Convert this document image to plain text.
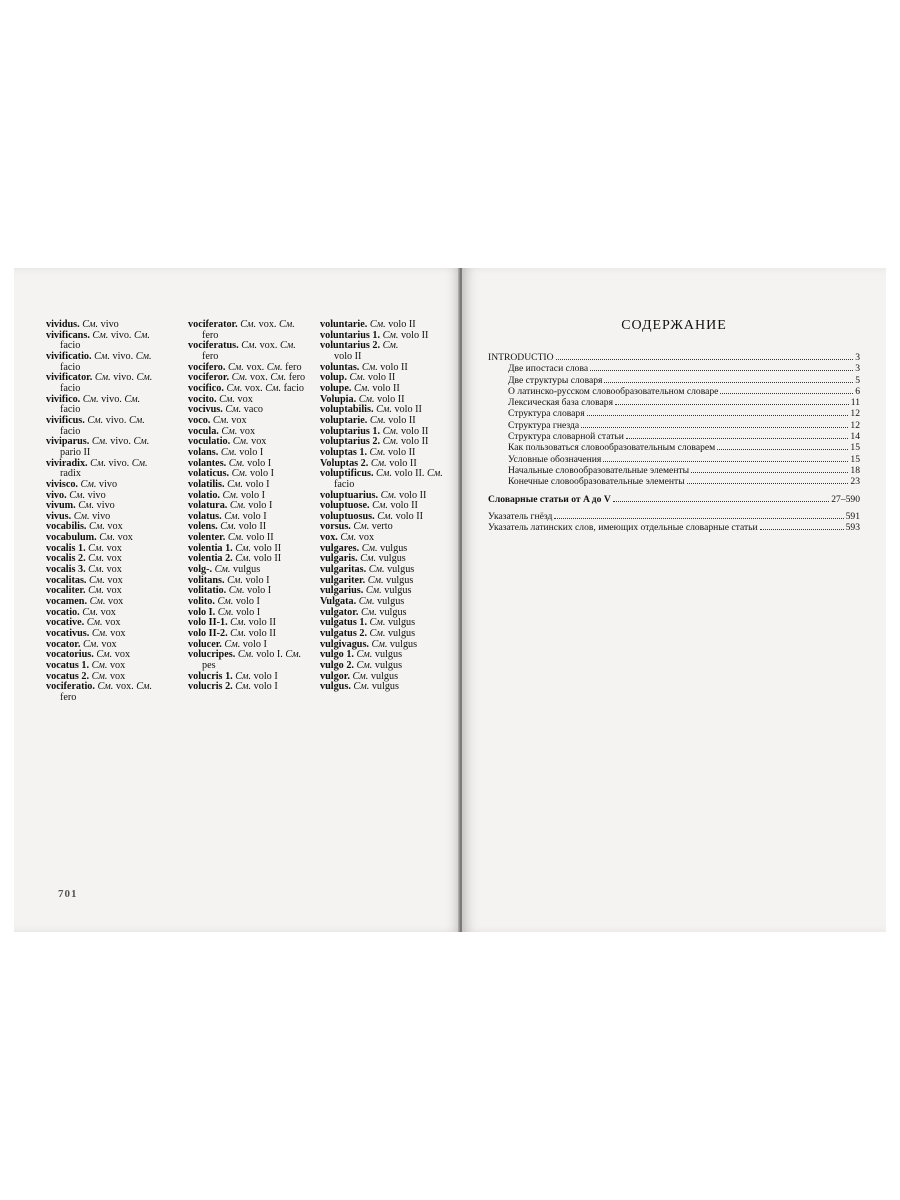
vividus. См. vivo
vivificans. См. vivo. См.
facio
vivificatio. См. vivo. См.
facio
vivificator. См. vivo. См.
facio
vivifico. См. vivo. См.
facio
vivificus. См. vivo. См.
facio
viviparus. См. vivo. См.
pario II
viviradix. См. vivo. См.
radix
vivisco. См. vivo
vivo. См. vivo
vivum. См. vivo
vivus. См. vivo
vocabilis. См. vox
vocabulum. См. vox
vocalis 1. См. vox
vocalis 2. См. vox
vocalis 3. См. vox
vocalitas. См. vox
vocaliter. См. vox
vocamen. См. vox
vocatio. См. vox
vocative. См. vox
vocativus. См. vox
vocator. См. vox
vocatorius. См. vox
vocatus 1. См. vox
vocatus 2. См. vox
vociferatio. См. vox. См.
fero
vociferator. См. vox. См.
fero
vociferatus. См. vox. См.
fero
vocifero. См. vox. См. fero
vociferor. См. vox. См. fero
vocifico. См. vox. См. facio
vocito. См. vox
vocivus. См. vaco
voco. См. vox
vocula. См. vox
voculatio. См. vox
volans. См. volo I
volantes. См. volo I
volaticus. См. volo I
volatilis. См. volo I
volatio. См. volo I
volatura. См. volo I
volatus. См. volo I
volens. См. volo II
volenter. См. volo II
volentia 1. См. volo II
volentia 2. См. volo II
volg-. См. vulgus
volitans. См. volo I
volitatio. См. volo I
volito. См. volo I
volo I. См. volo I
volo II-1. См. volo II
volo II-2. См. volo II
volucer. См. volo I
volucripes. См. volo I. См.
pes
volucris 1. См. volo I
volucris 2. См. volo I
voluntarie. См. volo II
voluntarius 1. См. volo II
voluntarius 2. См.
volo II
voluntas. См. volo II
volup. См. volo II
volupe. См. volo II
Volupia. См. volo II
voluptabilis. См. volo II
voluptarie. См. volo II
voluptarius 1. См. volo II
voluptarius 2. См. volo II
voluptas 1. См. volo II
Voluptas 2. См. volo II
voluptificus. См. volo II. См.
facio
voluptuarius. См. volo II
voluptuose. См. volo II
voluptuosus. См. volo II
vorsus. См. verto
vox. См. vox
vulgares. См. vulgus
vulgaris. См. vulgus
vulgaritas. См. vulgus
vulgariter. См. vulgus
vulgarius. См. vulgus
Vulgata. См. vulgus
vulgator. См. vulgus
vulgatus 1. См. vulgus
vulgatus 2. См. vulgus
vulgivagus. См. vulgus
vulgo 1. См. vulgus
vulgo 2. См. vulgus
vulgor. См. vulgus
vulgus. См. vulgus
701
СОДЕРЖАНИЕ
INTRODUCTIO	3
Две ипостаси слова	3
Две структуры словаря	5
О латинско-русском словообразовательном словаре	6
Лексическая база словаря	11
Структура словаря	12
Структура гнезда	12
Структура словарной статьи	14
Как пользоваться словообразовательным словарем	15
Условные обозначения	15
Начальные словообразовательные элементы	18
Конечные словообразовательные элементы	23
Словарные статьи от A до V	27–590
Указатель гнёзд	591
Указатель латинских слов, имеющих отдельные словарные статьи	593
